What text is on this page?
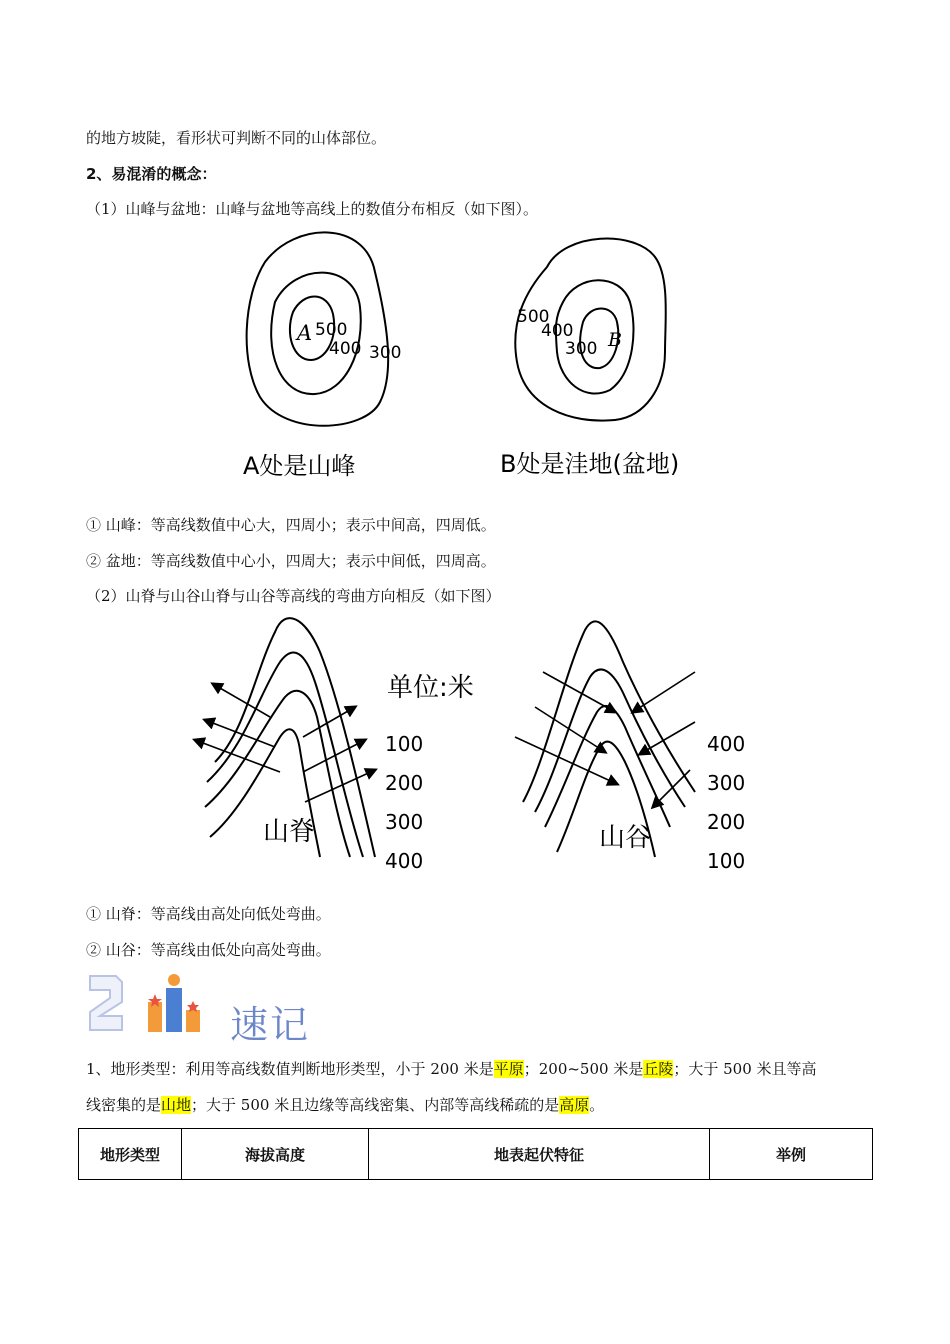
的地方坡陡，看形状可判断不同的山体部位。
2、易混淆的概念：
（1）山峰与盆地：山峰与盆地等高线上的数值分布相反（如下图）。
A 500
400 300
500
400
300 B
A处是山峰	B处是洼地(盆地)
① 山峰：等高线数值中心大，四周小；表示中间高，四周低。
② 盆地：等高线数值中心小，四周大；表示中间低，四周高。
（2）山脊与山谷山脊与山谷等高线的弯曲方向相反（如下图）
单位:米
山脊	山谷
100
200
300
400
400
300
200
100
① 山脊：等高线由高处向低处弯曲。
② 山谷：等高线由低处向高处弯曲。
速记
1、地形类型：利用等高线数值判断地形类型，小于 200 米是平原；200~500 米是丘陵；大于 500 米且等高
线密集的是山地；大于 500 米且边缘等高线密集、内部等高线稀疏的是高原。
地形类型	海拔高度	地表起伏特征	举例
